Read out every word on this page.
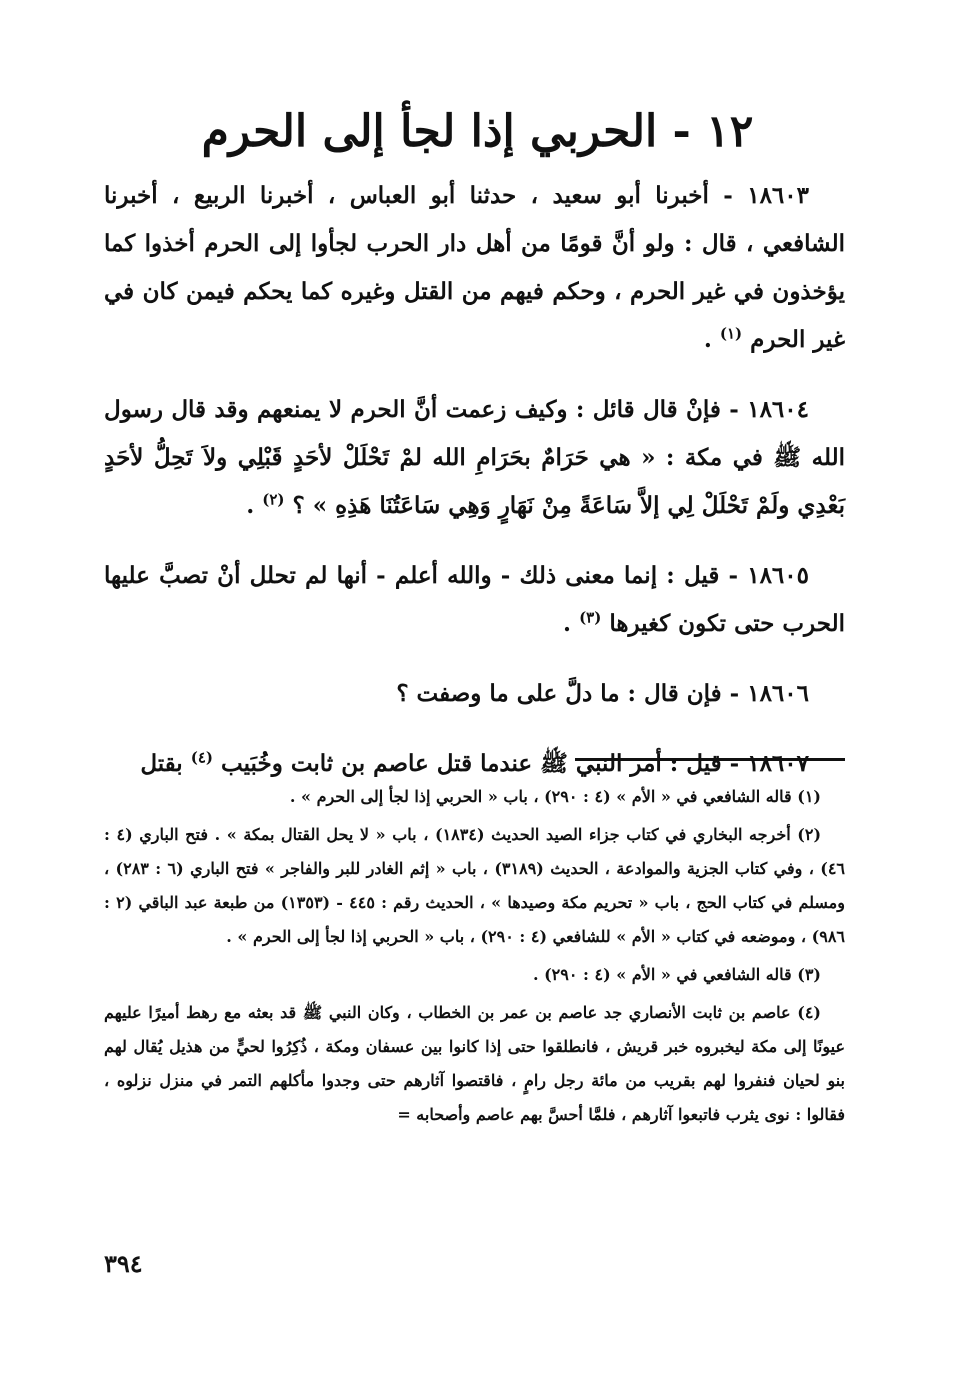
١٢ - الحربي إذا لجأ إلى الحرم

١٨٦٠٣ - أخبرنا أبو سعيد ، حدثنا أبو العباس ، أخبرنا الربيع ، أخبرنا الشافعي ، قال : ولو أنَّ قومًا من أهل دار الحرب لجأوا إلى الحرم أخذوا كما يؤخذون في غير الحرم ، وحكم فيهم من القتل وغيره كما يحكم فيمن كان في غير الحرم $^{(١)}$ .

١٨٦٠٤ - فإنْ قال قائل : وكيف زعمت أنَّ الحرم لا يمنعهم وقد قال رسول الله ﷺ في مكة : « هي حَرَامٌ بحَرَامِ الله لمْ تَحْلَلْ لأحَدٍ قَبْلِي ولاَ تَحِلُّ لأحَدٍ بَعْدِي ولَمْ تَحْلَلْ لِي إلاَّ سَاعَةً مِنْ نَهَارٍ وَهِي سَاعَتُنَا هَذِهِ » ؟ $^{(٢)}$ .

١٨٦٠٥ - قيل : إنما معنى ذلك - والله أعلم - أنها لم تحلل أنْ تصبَّ عليها الحرب حتى تكون كغيرها $^{(٣)}$ .

١٨٦٠٦ - فإن قال : ما دلَّ على ما وصفت ؟

١٨٦٠٧ - قيل : أمر النبي ﷺ عندما قتل عاصم بن ثابت وخُبَيب $^{(٤)}$ بقتل

(١) قاله الشافعي في « الأم » (٤ : ٢٩٠) ، باب « الحربي إذا لجأ إلى الحرم » .

(٢) أخرجه البخاري في كتاب جزاء الصيد الحديث (١٨٣٤) ، باب « لا يحل القتال بمكة » . فتح الباري (٤ : ٤٦) ، وفي كتاب الجزية والموادعة ، الحديث (٣١٨٩) ، باب « إثم الغادر للبر والفاجر » فتح الباري (٦ : ٢٨٣) ، ومسلم في كتاب الحج ، باب « تحريم مكة وصيدها » ، الحديث رقم : ٤٤٥ - (١٣٥٣) من طبعة عبد الباقي (٢ : ٩٨٦) ، وموضعه في كتاب « الأم » للشافعي (٤ : ٢٩٠) ، باب « الحربي إذا لجأ إلى الحرم » .

(٣) قاله الشافعي في « الأم » (٤ : ٢٩٠) .

(٤) عاصم بن ثابت الأنصاري جد عاصم بن عمر بن الخطاب ، وكان النبي ﷺ قد بعثه مع رهط أميرًا عليهم عيونًا إلى مكة ليخبروه خبر قريش ، فانطلقوا حتى إذا كانوا بين عسفان ومكة ، ذُكِرُوا لحيٍّ من هذيل يُقال لهم بنو لحيان فنفروا لهم بقريب من مائة رجل رامٍ ، فاقتصوا آثارهم حتى وجدوا مأكلهم التمر في منزل نزلوه ، فقالوا : نوى يثرب فاتبعوا آثارهم ، فلمَّا أحسَّ بهم عاصم وأصحابه =

٣٩٤
